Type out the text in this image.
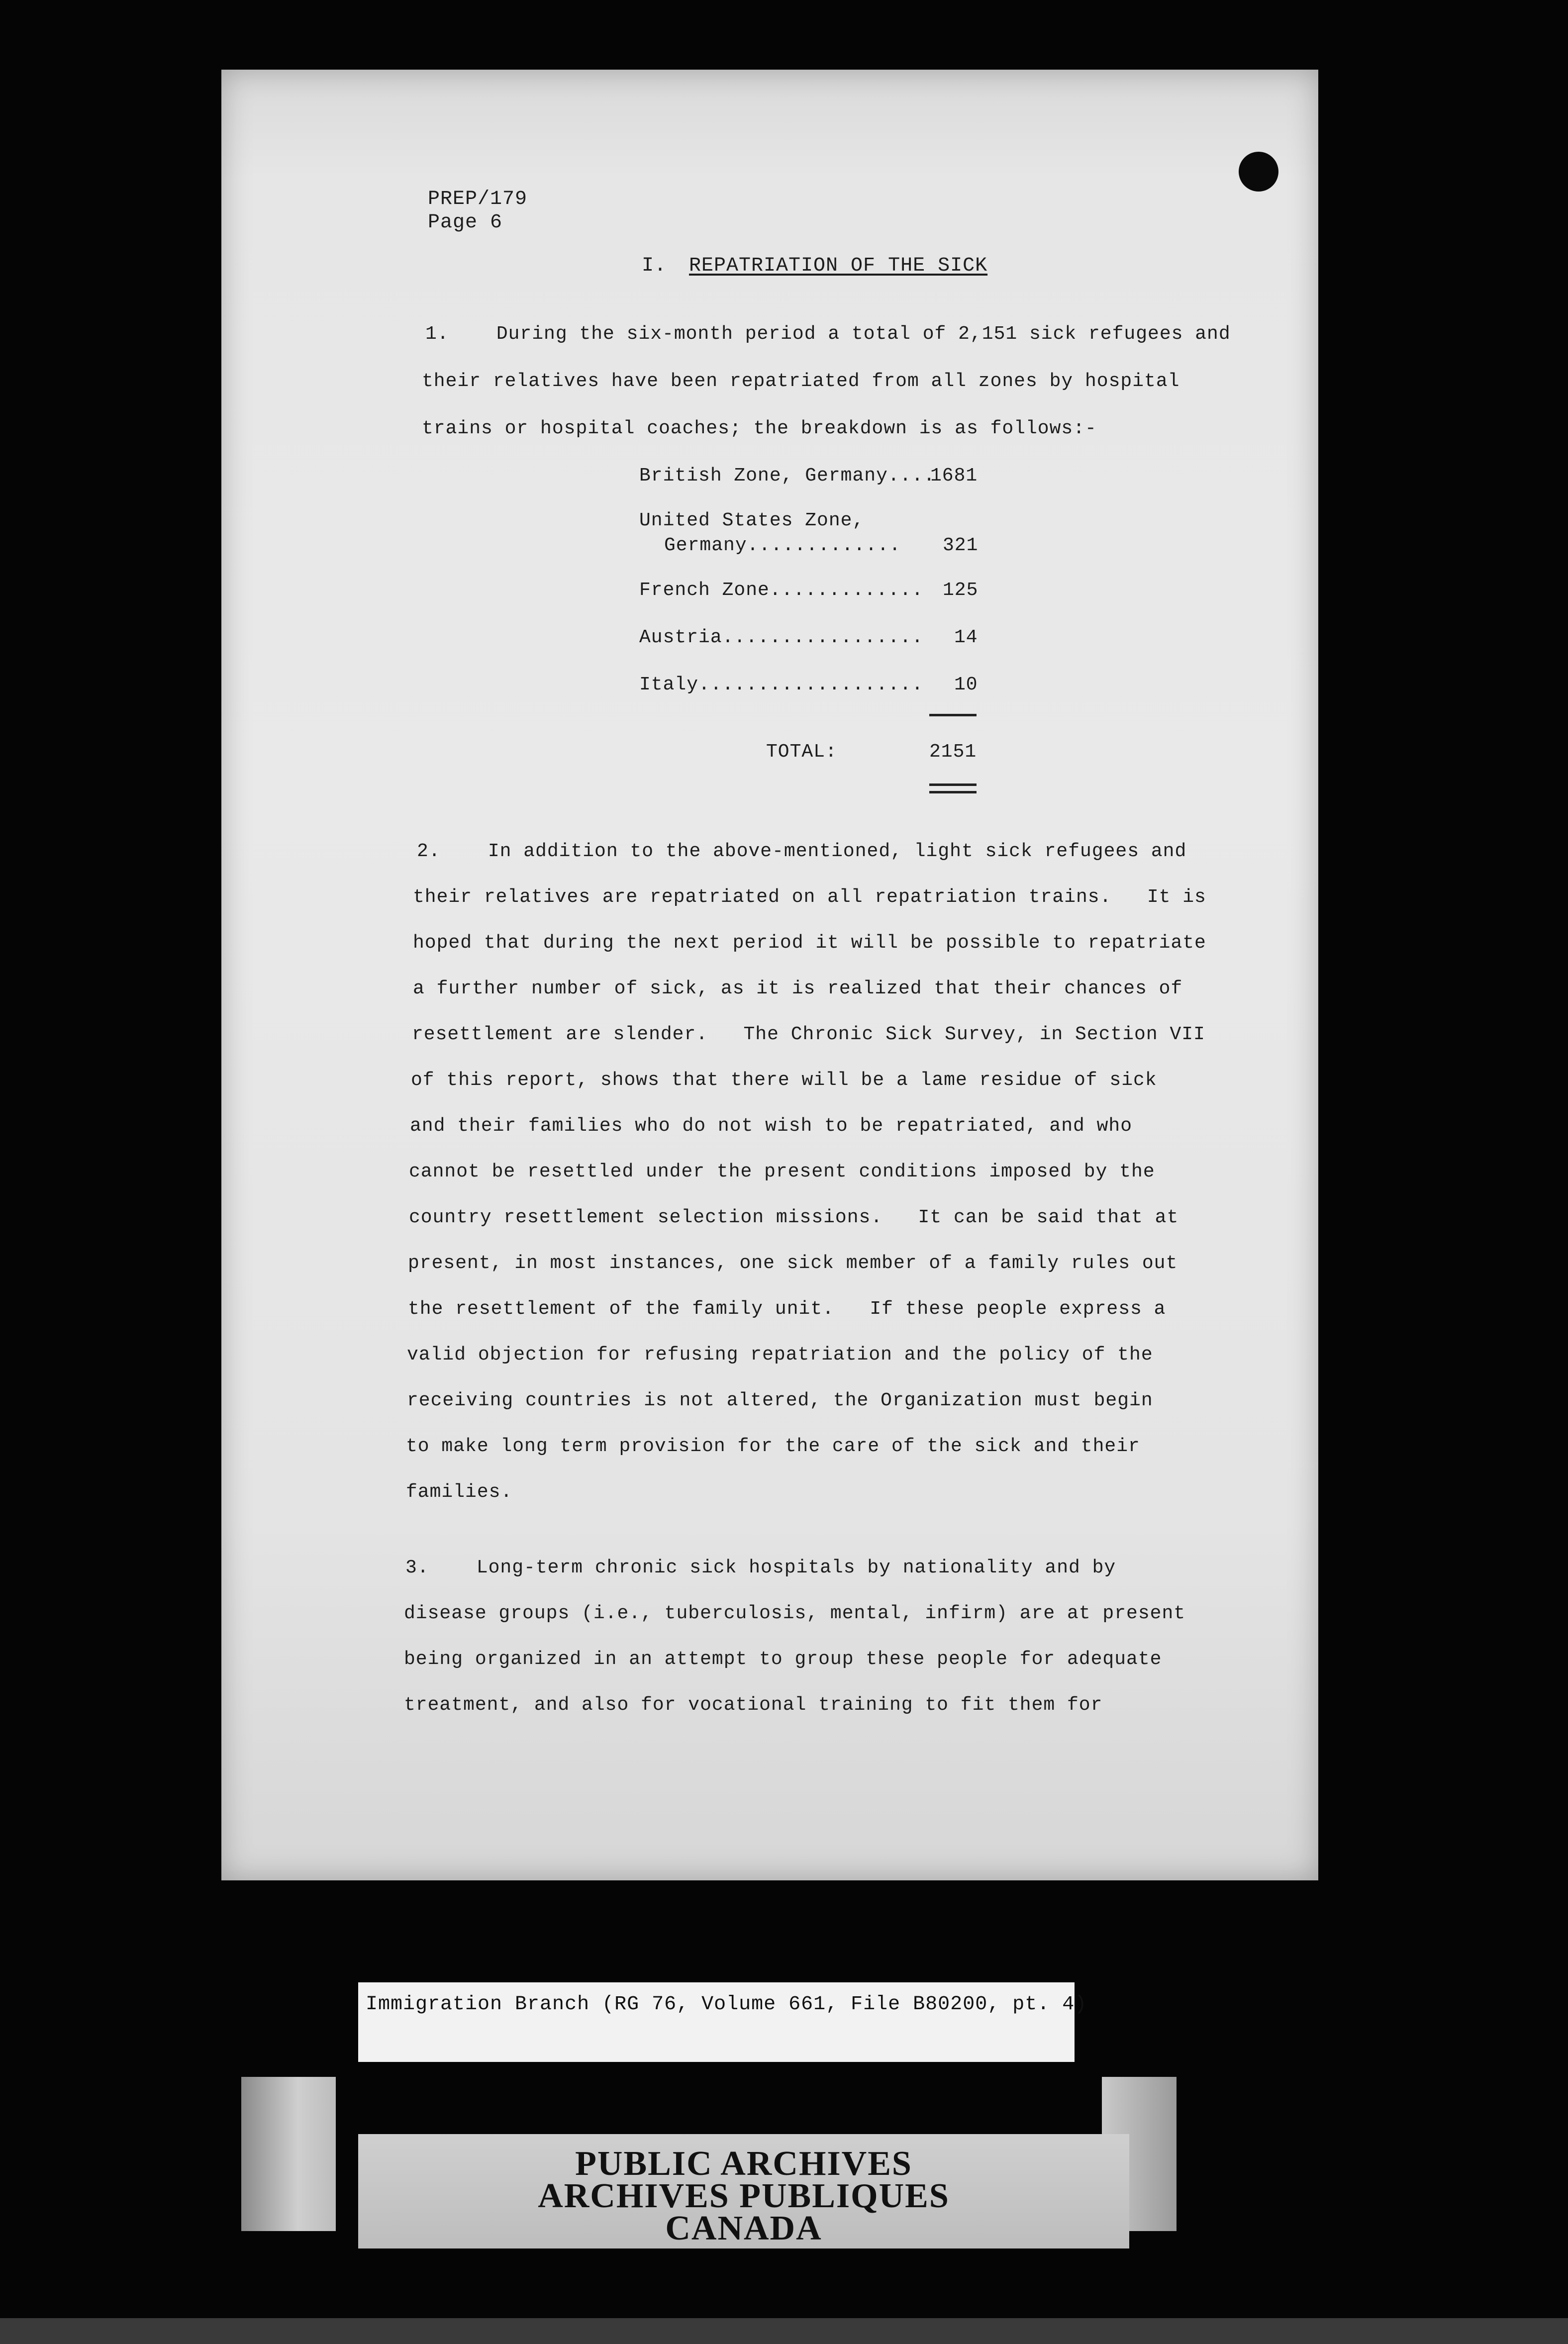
PREP/179
Page 6
I. REPATRIATION OF THE SICK
1.    During the six-month period a total of 2,151 sick refugees and
their relatives have been repatriated from all zones by hospital
trains or hospital coaches; the breakdown is as follows:-
British Zone, Germany....
1681
United States Zone,
Germany............. 321
French Zone............. 125
Austria................. 14
Italy................... 10
TOTAL:	2151
2.    In addition to the above-mentioned, light sick refugees and
their relatives are repatriated on all repatriation trains.   It is
hoped that during the next period it will be possible to repatriate
a further number of sick, as it is realized that their chances of
resettlement are slender.   The Chronic Sick Survey, in Section VII
of this report, shows that there will be a lame residue of sick
and their families who do not wish to be repatriated, and who
cannot be resettled under the present conditions imposed by the
country resettlement selection missions.   It can be said that at
present, in most instances, one sick member of a family rules out
the resettlement of the family unit.   If these people express a
valid objection for refusing repatriation and the policy of the
receiving countries is not altered, the Organization must begin
to make long term provision for the care of the sick and their
families.
3.    Long-term chronic sick hospitals by nationality and by
disease groups (i.e., tuberculosis, mental, infirm) are at present
being organized in an attempt to group these people for adequate
treatment, and also for vocational training to fit them for
Immigration Branch (RG 76, Volume 661, File B80200, pt. 4)
PUBLIC ARCHIVES
ARCHIVES PUBLIQUES
CANADA
